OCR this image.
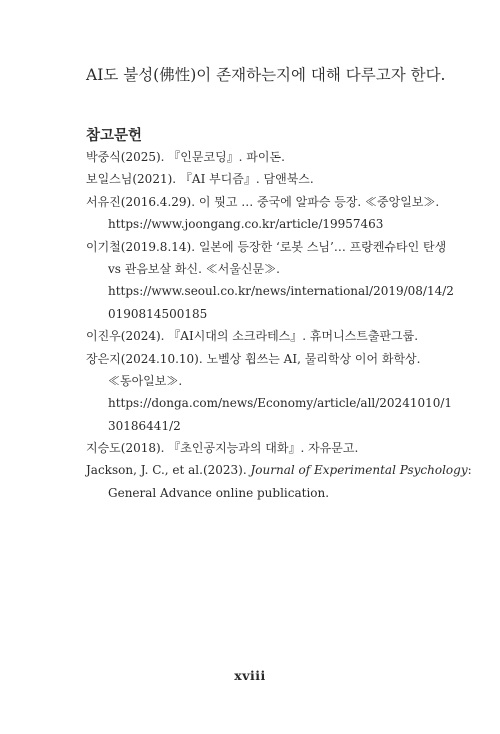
AI도 불성(佛性)이 존재하는지에 대해 다루고자 한다.
참고문헌
박중식(2025). 『인문코딩』. 파이돈.
보일스님(2021). 『AI 부디즘』. 담앤북스.
서유진(2016.4.29). 이 뭣고 … 중국에 알파승 등장. ≪중앙일보≫.
https://www.joongang.co.kr/article/19957463
이기철(2019.8.14). 일본에 등장한 ‘로봇 스님’… 프랑켄슈타인 탄생
vs 관음보살 화신. ≪서울신문≫.
https://www.seoul.co.kr/news/international/2019/08/14/2
0190814500185
이진우(2024). 『AI시대의 소크라테스』. 휴머니스트출판그룹.
장은지(2024.10.10). 노벨상 휩쓰는 AI, 물리학상 이어 화학상.
≪동아일보≫.
https://donga.com/news/Economy/article/all/20241010/1
30186441/2
지승도(2018). 『초인공지능과의 대화』. 자유문고.
Jackson, J. C., et al.(2023). Journal of Experimental Psychology:
General Advance online publication.
xviii
